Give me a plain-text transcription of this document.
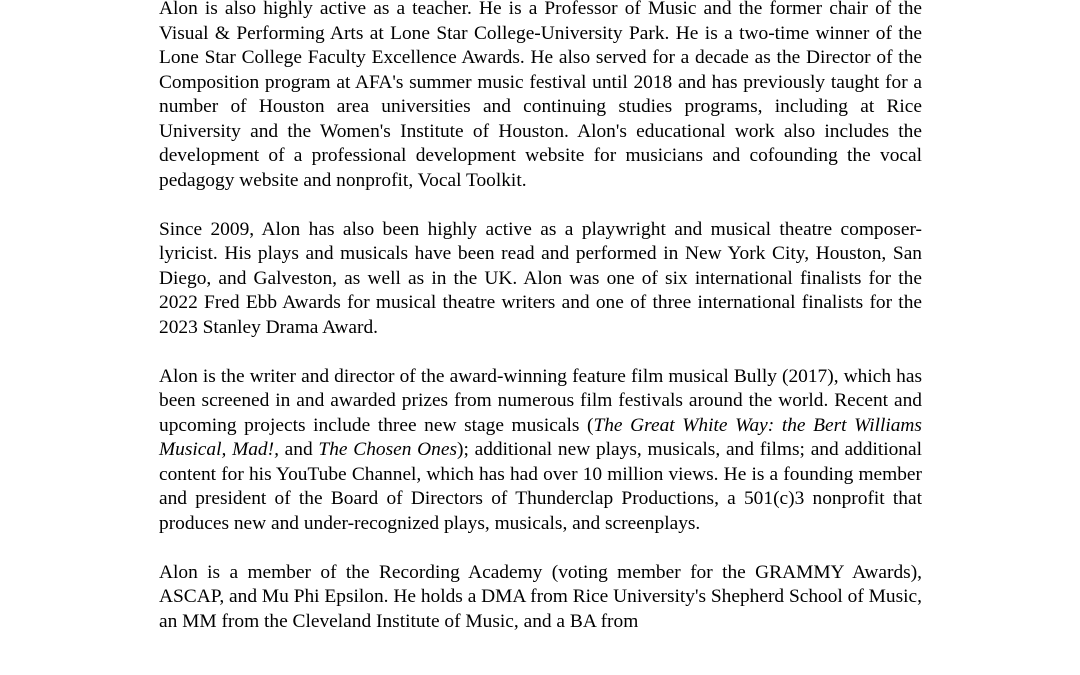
Alon is also highly active as a teacher. He is a Professor of Music and the former chair of the Visual & Performing Arts at Lone Star College-University Park. He is a two-time winner of the Lone Star College Faculty Excellence Awards. He also served for a decade as the Director of the Composition program at AFA's summer music festival until 2018 and has previously taught for a number of Houston area universities and continuing studies programs, including at Rice University and the Women's Institute of Houston. Alon's educational work also includes the development of a professional development website for musicians and cofounding the vocal pedagogy website and nonprofit, Vocal Toolkit.

Since 2009, Alon has also been highly active as a playwright and musical theatre composer-lyricist. His plays and musicals have been read and performed in New York City, Houston, San Diego, and Galveston, as well as in the UK. Alon was one of six international finalists for the 2022 Fred Ebb Awards for musical theatre writers and one of three international finalists for the 2023 Stanley Drama Award.

Alon is the writer and director of the award-winning feature film musical Bully (2017), which has been screened in and awarded prizes from numerous film festivals around the world. Recent and upcoming projects include three new stage musicals (The Great White Way: the Bert Williams Musical, Mad!, and The Chosen Ones); additional new plays, musicals, and films; and additional content for his YouTube Channel, which has had over 10 million views. He is a founding member and president of the Board of Directors of Thunderclap Productions, a 501(c)3 nonprofit that produces new and under-recognized plays, musicals, and screenplays.

Alon is a member of the Recording Academy (voting member for the GRAMMY Awards), ASCAP, and Mu Phi Epsilon. He holds a DMA from Rice University's Shepherd School of Music, an MM from the Cleveland Institute of Music, and a BA from
